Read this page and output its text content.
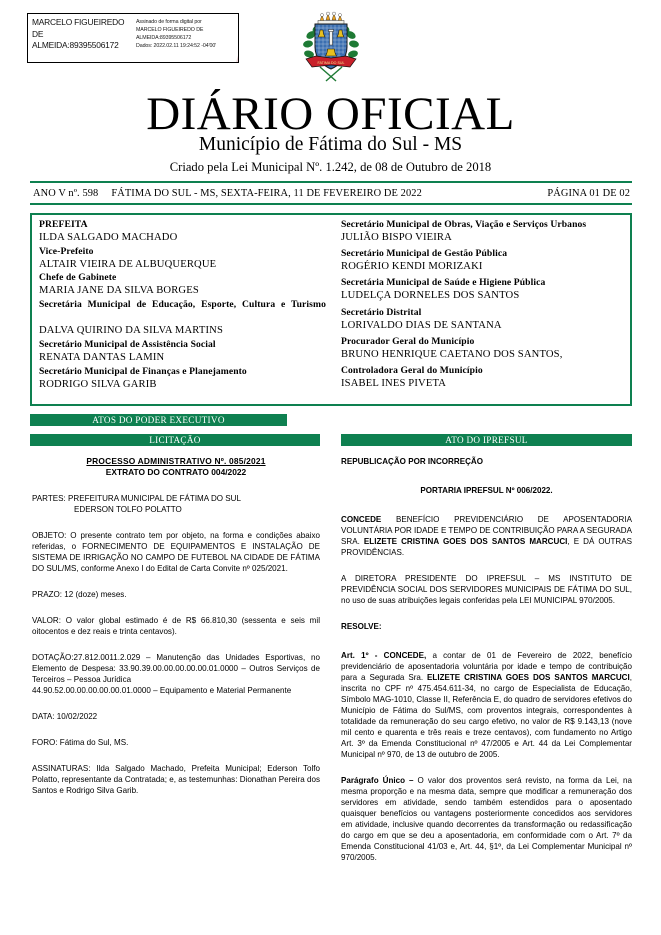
MARCELO FIGUEIREDO
DE
ALMEIDA:89395506172
Assinado de forma digital por
MARCELO FIGUEIREDO DE
ALMEIDA:89395506172
Dados: 2022.02.11 19:24:52 -04'00'
FATIMA DO SUL
DIÁRIO OFICIAL
Município de Fátima do Sul - MS
Criado pela Lei Municipal Nº. 1.242, de 08 de Outubro de 2018
ANO V nº. 598 FÁTIMA DO SUL - MS, SEXTA-FEIRA, 11 DE FEVEREIRO DE 2022	PÁGINA 01 DE 02
PREFEITA
ILDA SALGADO MACHADO
Vice-Prefeito
ALTAIR VIEIRA DE ALBUQUERQUE
Chefe de Gabinete
MARIA JANE DA SILVA BORGES
Secretária Municipal de Educação, Esporte, Cultura e Turismo
DALVA QUIRINO DA SILVA MARTINS
Secretário Municipal de Assistência Social
RENATA DANTAS LAMIN
Secretário Municipal de Finanças e Planejamento
RODRIGO SILVA GARIB
Secretário Municipal de Obras, Viação e Serviços Urbanos
JULIÃO BISPO VIEIRA
Secretário Municipal de Gestão Pública
ROGÉRIO KENDI MORIZAKI
Secretária Municipal de Saúde e Higiene Pública
LUDELÇA DORNELES DOS SANTOS
Secretário Distrital
LORIVALDO DIAS DE SANTANA
Procurador Geral do Município
BRUNO HENRIQUE CAETANO DOS SANTOS,
Controladora Geral do Município
ISABEL INES PIVETA
ATOS DO PODER EXECUTIVO
LICITAÇÃO	ATO DO IPREFSUL
PROCESSO ADMINISTRATIVO Nº. 085/2021
EXTRATO DO CONTRATO 004/2022
PARTES: PREFEITURA MUNICIPAL DE FÁTIMA DO SUL
EDERSON TOLFO POLATTO
OBJETO: O presente contrato tem por objeto, na forma e condições abaixo referidas, o FORNECIMENTO DE EQUIPAMENTOS E INSTALAÇÃO DE SISTEMA DE IRRIGAÇÃO NO CAMPO DE FUTEBOL NA CIDADE DE FÁTIMA DO SUL/MS, conforme Anexo I do Edital de Carta Convite nº 025/2021.
PRAZO: 12 (doze) meses.
VALOR: O valor global estimado é de R$ 66.810,30 (sessenta e seis mil oitocentos e dez reais e trinta centavos).
DOTAÇÃO:27.812.0011.2.029 – Manutenção das Unidades Esportivas, no Elemento de Despesa: 33.90.39.00.00.00.00.00.01.0000 – Outros Serviços de Terceiros – Pessoa Jurídica
44.90.52.00.00.00.00.00.01.0000 – Equipamento e Material Permanente
DATA: 10/02/2022
FORO: Fátima do Sul, MS.
ASSINATURAS: Ilda Salgado Machado, Prefeita Municipal; Ederson Tolfo Polatto, representante da Contratada; e, as testemunhas: Dionathan Pereira dos Santos e Rodrigo Silva Garib.
REPUBLICAÇÃO POR INCORREÇÃO
PORTARIA IPREFSUL Nº 006/2022.
CONCEDE BENEFÍCIO PREVIDENCIÁRIO DE APOSENTADORIA VOLUNTÁRIA POR IDADE E TEMPO DE CONTRIBUIÇÃO PARA A SEGURADA SRA. ELIZETE CRISTINA GOES DOS SANTOS MARCUCI, E DÁ OUTRAS PROVIDÊNCIAS.
A DIRETORA PRESIDENTE DO IPREFSUL – MS INSTITUTO DE PREVIDÊNCIA SOCIAL DOS SERVIDORES MUNICIPAIS DE FÁTIMA DO SUL, no uso de suas atribuições legais conferidas pela LEI MUNICIPAL 970/2005.
RESOLVE:
Art. 1º - CONCEDE, a contar de 01 de Fevereiro de 2022, benefício previdenciário de aposentadoria voluntária por idade e tempo de contribuição para a Segurada Sra. ELIZETE CRISTINA GOES DOS SANTOS MARCUCI, inscrita no CPF nº 475.454.611-34, no cargo de Especialista de Educação, Símbolo MAG-1010, Classe II, Referência E, do quadro de servidores efetivos do Município de Fátima do Sul/MS, com proventos integrais, correspondentes à totalidade da remuneração do seu cargo efetivo, no valor de R$ 9.143,13 (nove mil cento e quarenta e três reais e treze centavos), com fundamento no Artigo Art. 3º da Emenda Constitucional nº 47/2005 e Art. 44 da Lei Complementar Municipal nº 970, de 13 de outubro de 2005.
Parágrafo Único – O valor dos proventos será revisto, na forma da Lei, na mesma proporção e na mesma data, sempre que modificar a remuneração dos servidores em atividade, sendo também estendidos para o aposentado quaisquer benefícios ou vantagens posteriormente concedidos aos servidores em atividade, inclusive quando decorrentes da transformação ou redassificação do cargo em que se deu a aposentadoria, em conformidade com o Art. 7º da Emenda Constitucional 41/03 e, Art. 44, §1º, da Lei Complementar Municipal nº 970/2005.
